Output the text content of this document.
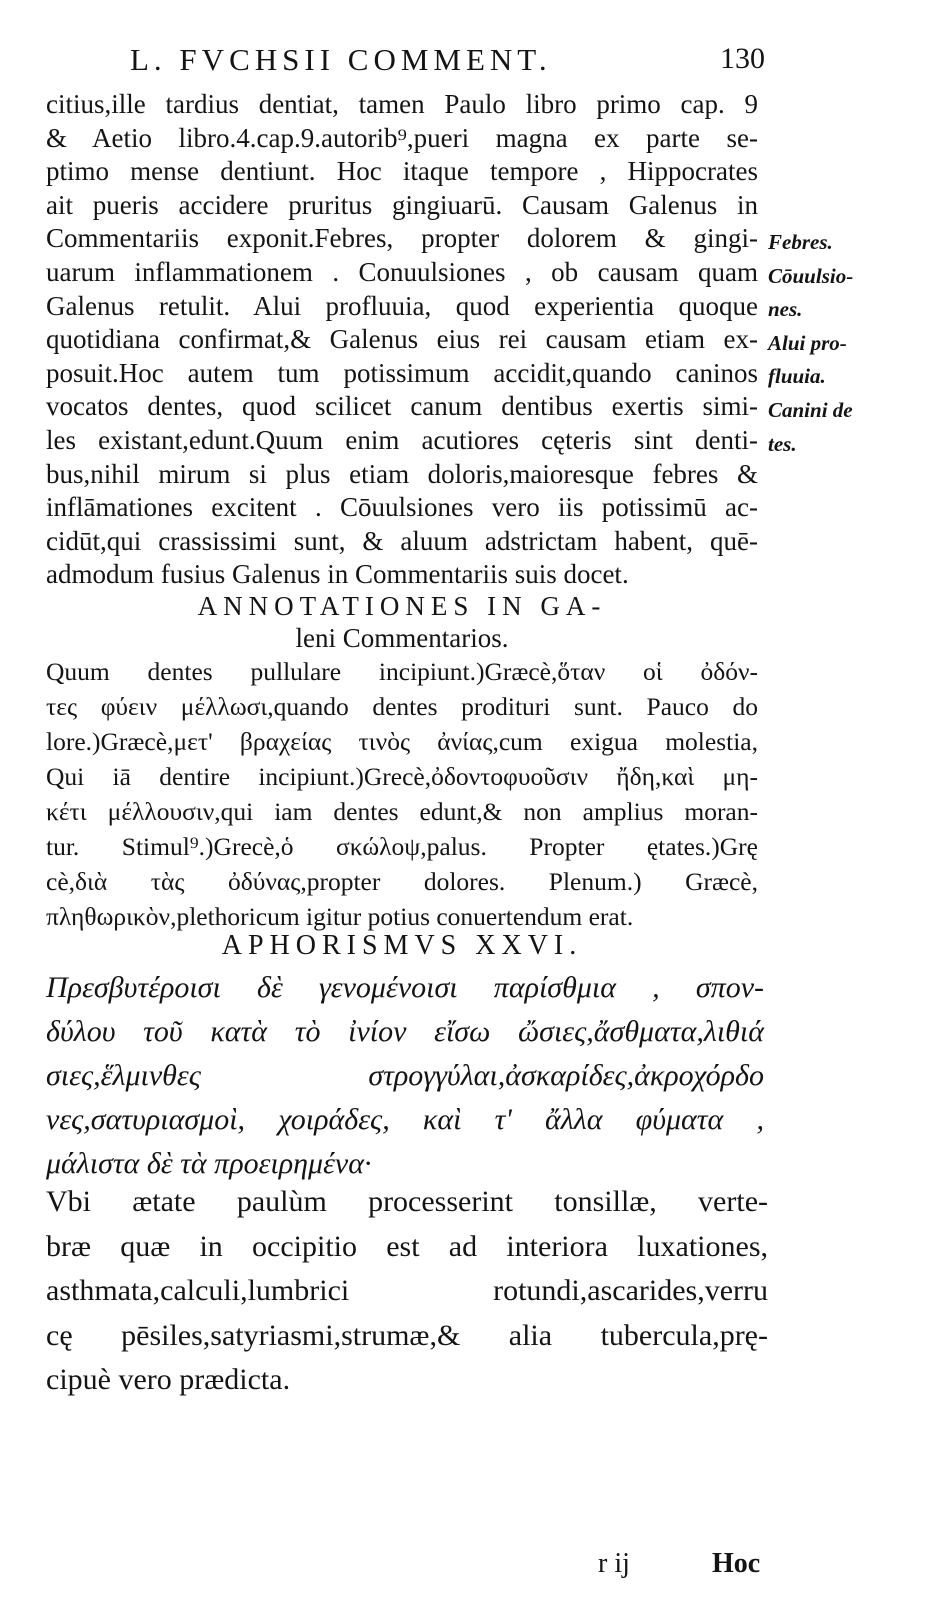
L. FVCHSII COMMENT.	130
citius,ille tardius dentiat, tamen Paulo libro primo cap. 9
& Aetio libro.4.cap.9.autorib⁹,pueri magna ex parte se-
ptimo mense dentiunt. Hoc itaque tempore , Hippocrates
ait pueris accidere pruritus gingiuarū. Causam Galenus in
Commentariis exponit.Febres, propter dolorem & gingi-
uarum inflammationem . Conuulsiones , ob causam quam
Galenus retulit. Alui profluuia, quod experientia quoque
quotidiana confirmat,& Galenus eius rei causam etiam ex-
posuit.Hoc autem tum potissimum accidit,quando caninos
vocatos dentes, quod scilicet canum dentibus exertis simi-
les existant,edunt.Quum enim acutiores cęteris sint denti-
bus,nihil mirum si plus etiam doloris,maioresque febres &
inflāmationes excitent . Cōuulsiones vero iis potissimū ac-
cidūt,qui crassissimi sunt, & aluum adstrictam habent, quē-
admodum fusius Galenus in Commentariis suis docet.
Febres.
Cōuulsio-
nes.
Alui pro-
fluuia.
Canini de
tes.
ANNOTATIONES IN GA-
leni Commentarios.
Quum dentes pullulare incipiunt.)Græcè,ὅταν οἱ ὀδόν-
τες φύειν μέλλωσι,quando dentes prodituri sunt. Pauco do
lore.)Græcè,μετ' βραχείας τινὸς ἀνίας,cum exigua molestia,
Qui iā dentire incipiunt.)Grecè,ὀδοντοφυοῦσιν ἤδη,καὶ μη-
κέτι μέλλουσιν,qui iam dentes edunt,& non amplius moran-
tur. Stimul⁹.)Grecè,ὁ σκώλοψ,palus. Propter ętates.)Grę
cè,διὰ τὰς ὀδύνας,propter dolores. Plenum.) Græcè,
πληθωρικὸν,plethoricum igitur potius conuertendum erat.
APHORISMVS XXVI.
Πρεσβυτέροισι δὲ γενομένοισι παρίσθμια , σπον-
δύλου τοῦ κατὰ τὸ ἰνίον εἴσω ὤσιες,ἄσθματα,λιθιά
σιες,ἕλμινθες στρογγύλαι,ἀσκαρίδες,ἀκροχόρδο
νες,σατυριασμοὶ, χοιράδες, καὶ τ' ἄλλα φύματα ,
μάλιστα δὲ τὰ προειρημένα·
Vbi ætate paulùm processerint tonsillæ, verte-
bræ quæ in occipitio est ad interiora luxationes,
asthmata,calculi,lumbrici rotundi,ascarides,verru
cę pēsiles,satyriasmi,strumæ,& alia tubercula,prę-
cipuè vero prædicta.
r ij	Hoc
